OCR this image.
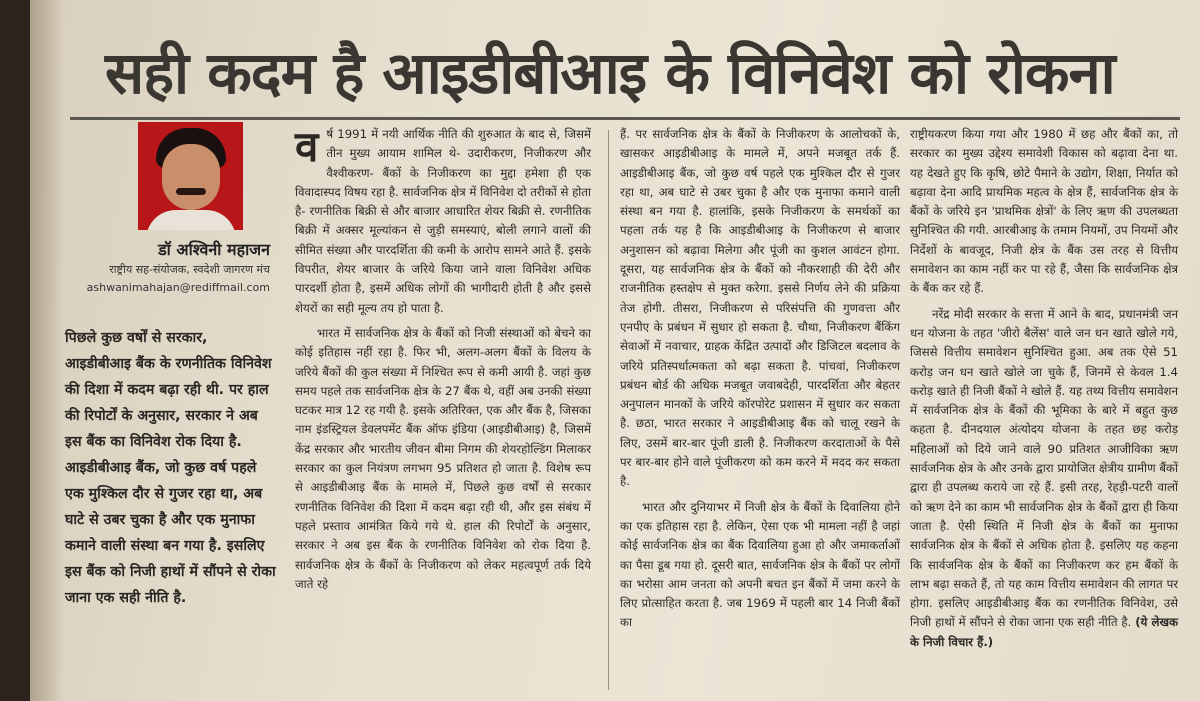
सही कदम है आइडीबीआइ के विनिवेश को रोकना
डॉ अश्विनी महाजन
राष्ट्रीय सह-संयोजक, स्वदेशी जागरण मंच
ashwanimahajan@rediffmail.com
पिछले कुछ वर्षों से सरकार, आइडीबीआइ बैंक के रणनीतिक विनिवेश की दिशा में कदम बढ़ा रही थी. पर हाल की रिपोर्टों के अनुसार, सरकार ने अब इस बैंक का विनिवेश रोक दिया है. आइडीबीआइ बैंक, जो कुछ वर्ष पहले एक मुश्किल दौर से गुजर रहा था, अब घाटे से उबर चुका है और एक मुनाफा कमाने वाली संस्था बन गया है. इसलिए इस बैंक को निजी हाथों में सौंपने से रोका जाना एक सही नीति है.

वर्ष 1991 में नयी आर्थिक नीति की शुरुआत के बाद से, जिसमें तीन मुख्य आयाम शामिल थे- उदारीकरण, निजीकरण और वैश्वीकरण- बैंकों के निजीकरण का मुद्दा हमेशा ही एक विवादास्पद विषय रहा है. सार्वजनिक क्षेत्र में विनिवेश दो तरीकों से होता है- रणनीतिक बिक्री से और बाजार आधारित शेयर बिक्री से. रणनीतिक बिक्री में अक्सर मूल्यांकन से जुड़ी समस्याएं, बोली लगाने वालों की सीमित संख्या और पारदर्शिता की कमी के आरोप सामने आते हैं. इसके विपरीत, शेयर बाजार के जरिये किया जाने वाला विनिवेश अधिक पारदर्शी होता है, इसमें अधिक लोगों की भागीदारी होती है और इससे शेयरों का सही मूल्य तय हो पाता है.

भारत में सार्वजनिक क्षेत्र के बैंकों को निजी संस्थाओं को बेचने का कोई इतिहास नहीं रहा है. फिर भी, अलग-अलग बैंकों के विलय के जरिये बैंकों की कुल संख्या में निश्चित रूप से कमी आयी है. जहां कुछ समय पहले तक सार्वजनिक क्षेत्र के 27 बैंक थे, वहीं अब उनकी संख्या घटकर मात्र 12 रह गयी है. इसके अतिरिक्त, एक और बैंक है, जिसका नाम इंडस्ट्रियल डेवलपमेंट बैंक ऑफ इंडिया (आइडीबीआइ) है, जिसमें केंद्र सरकार और भारतीय जीवन बीमा निगम की शेयरहोल्डिंग मिलाकर सरकार का कुल नियंत्रण लगभग 95 प्रतिशत हो जाता है. विशेष रूप से आइडीबीआइ बैंक के मामले में, पिछले कुछ वर्षों से सरकार रणनीतिक विनिवेश की दिशा में कदम बढ़ा रही थी, और इस संबंध में पहले प्रस्ताव आमंत्रित किये गये थे. हाल की रिपोर्टों के अनुसार, सरकार ने अब इस बैंक के रणनीतिक विनिवेश को रोक दिया है. सार्वजनिक क्षेत्र के बैंकों के निजीकरण को लेकर महत्वपूर्ण तर्क दिये जाते रहे

हैं. पर सार्वजनिक क्षेत्र के बैंकों के निजीकरण के आलोचकों के, खासकर आइडीबीआइ के मामले में, अपने मजबूत तर्क हैं. आइडीबीआइ बैंक, जो कुछ वर्ष पहले एक मुश्किल दौर से गुजर रहा था, अब घाटे से उबर चुका है और एक मुनाफा कमाने वाली संस्था बन गया है. हालांकि, इसके निजीकरण के समर्थकों का पहला तर्क यह है कि आइडीबीआइ के निजीकरण से बाजार अनुशासन को बढ़ावा मिलेगा और पूंजी का कुशल आवंटन होगा. दूसरा, यह सार्वजनिक क्षेत्र के बैंकों को नौकरशाही की देरी और राजनीतिक हस्तक्षेप से मुक्त करेगा. इससे निर्णय लेने की प्रक्रिया तेज होगी. तीसरा, निजीकरण से परिसंपत्ति की गुणवत्ता और एनपीए के प्रबंधन में सुधार हो सकता है. चौथा, निजीकरण बैंकिंग सेवाओं में नवाचार, ग्राहक केंद्रित उत्पादों और डिजिटल बदलाव के जरिये प्रतिस्पर्धात्मकता को बढ़ा सकता है. पांचवां, निजीकरण प्रबंधन बोर्ड की अधिक मजबूत जवाबदेही, पारदर्शिता और बेहतर अनुपालन मानकों के जरिये कॉरपोरेट प्रशासन में सुधार कर सकता है. छठा, भारत सरकार ने आइडीबीआइ बैंक को चालू रखने के लिए, उसमें बार-बार पूंजी डाली है. निजीकरण करदाताओं के पैसे पर बार-बार होने वाले पूंजीकरण को कम करने में मदद कर सकता है.

भारत और दुनियाभर में निजी क्षेत्र के बैंकों के दिवालिया होने का एक इतिहास रहा है. लेकिन, ऐसा एक भी मामला नहीं है जहां कोई सार्वजनिक क्षेत्र का बैंक दिवालिया हुआ हो और जमाकर्ताओं का पैसा डूब गया हो. दूसरी बात, सार्वजनिक क्षेत्र के बैंकों पर लोगों का भरोसा आम जनता को अपनी बचत इन बैंकों में जमा करने के लिए प्रोत्साहित करता है. जब 1969 में पहली बार 14 निजी बैंकों का

राष्ट्रीयकरण किया गया और 1980 में छह और बैंकों का, तो सरकार का मुख्य उद्देश्य समावेशी विकास को बढ़ावा देना था. यह देखते हुए कि कृषि, छोटे पैमाने के उद्योग, शिक्षा, निर्यात को बढ़ावा देना आदि प्राथमिक महत्व के क्षेत्र हैं, सार्वजनिक क्षेत्र के बैंकों के जरिये इन 'प्राथमिक क्षेत्रों' के लिए ऋण की उपलब्धता सुनिश्चित की गयी. आरबीआइ के तमाम नियमों, उप नियमों और निर्देशों के बावजूद, निजी क्षेत्र के बैंक उस तरह से वित्तीय समावेशन का काम नहीं कर पा रहे हैं, जैसा कि सार्वजनिक क्षेत्र के बैंक कर रहे हैं.

नरेंद्र मोदी सरकार के सत्ता में आने के बाद, प्रधानमंत्री जन धन योजना के तहत 'जीरो बैलेंस' वाले जन धन खाते खोले गये, जिससे वित्तीय समावेशन सुनिश्चित हुआ. अब तक ऐसे 51 करोड़ जन धन खाते खोले जा चुके हैं, जिनमें से केवल 1.4 करोड़ खाते ही निजी बैंकों ने खोले हैं. यह तथ्य वित्तीय समावेशन में सार्वजनिक क्षेत्र के बैंकों की भूमिका के बारे में बहुत कुछ कहता है. दीनदयाल अंत्योदय योजना के तहत छह करोड़ महिलाओं को दिये जाने वाले 90 प्रतिशत आजीविका ऋण सार्वजनिक क्षेत्र के और उनके द्वारा प्रायोजित क्षेत्रीय ग्रामीण बैंकों द्वारा ही उपलब्ध कराये जा रहे हैं. इसी तरह, रेहड़ी-पटरी वालों को ऋण देने का काम भी सार्वजनिक क्षेत्र के बैंकों द्वारा ही किया जाता है. ऐसी स्थिति में निजी क्षेत्र के बैंकों का मुनाफा सार्वजनिक क्षेत्र के बैंकों से अधिक होता है. इसलिए यह कहना कि सार्वजनिक क्षेत्र के बैंकों का निजीकरण कर हम बैंकों के लाभ बढ़ा सकते हैं, तो यह काम वित्तीय समावेशन की लागत पर होगा. इसलिए आइडीबीआइ बैंक का रणनीतिक विनिवेश, उसे निजी हाथों में सौंपने से रोका जाना एक सही नीति है. (ये लेखक के निजी विचार हैं.)
